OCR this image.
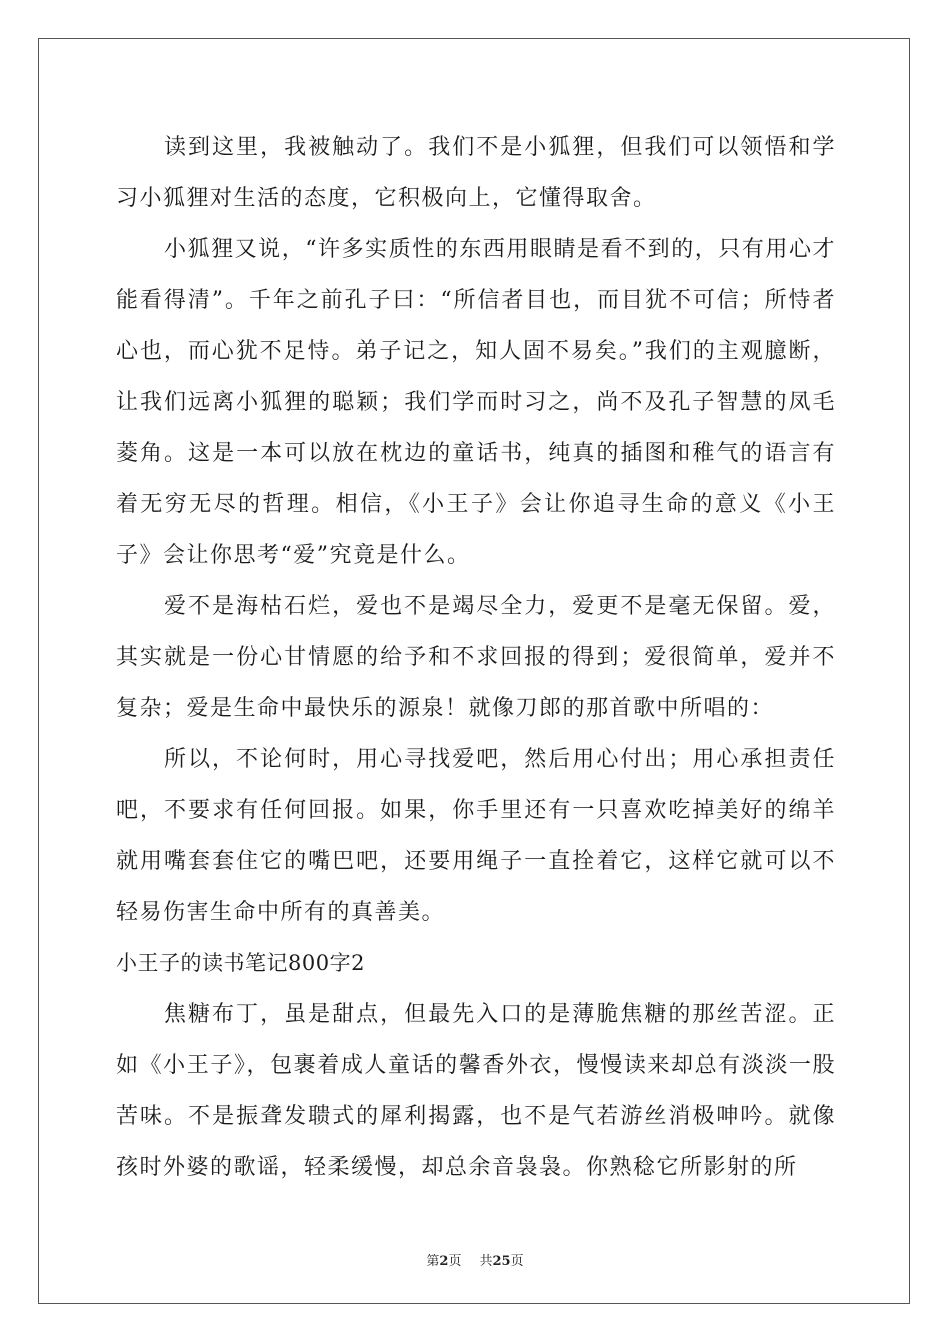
读到这里，我被触动了。我们不是小狐狸，但我们可以领悟和学习小狐狸对生活的态度，它积极向上，它懂得取舍。

小狐狸又说，“许多实质性的东西用眼睛是看不到的，只有用心才能看得清”。千年之前孔子曰：“所信者目也，而目犹不可信；所恃者心也，而心犹不足恃。弟子记之，知人固不易矣。”我们的主观臆断，让我们远离小狐狸的聪颖；我们学而时习之，尚不及孔子智慧的凤毛菱角。这是一本可以放在枕边的童话书，纯真的插图和稚气的语言有着无穷无尽的哲理。相信，《小王子》会让你追寻生命的意义《小王子》会让你思考“爱”究竟是什么。

爱不是海枯石烂，爱也不是竭尽全力，爱更不是毫无保留。爱，其实就是一份心甘情愿的给予和不求回报的得到；爱很简单，爱并不复杂；爱是生命中最快乐的源泉！就像刀郎的那首歌中所唱的：

所以，不论何时，用心寻找爱吧，然后用心付出；用心承担责任吧，不要求有任何回报。如果，你手里还有一只喜欢吃掉美好的绵羊就用嘴套套住它的嘴巴吧，还要用绳子一直拴着它，这样它就可以不轻易伤害生命中所有的真善美。

小王子的读书笔记800字2

焦糖布丁，虽是甜点，但最先入口的是薄脆焦糖的那丝苦涩。正如《小王子》，包裹着成人童话的馨香外衣，慢慢读来却总有淡淡一股苦味。不是振聋发聩式的犀利揭露，也不是气若游丝消极呻吟。就像孩时外婆的歌谣，轻柔缓慢，却总余音袅袅。你熟稔它所影射的所

第2页 共25页
